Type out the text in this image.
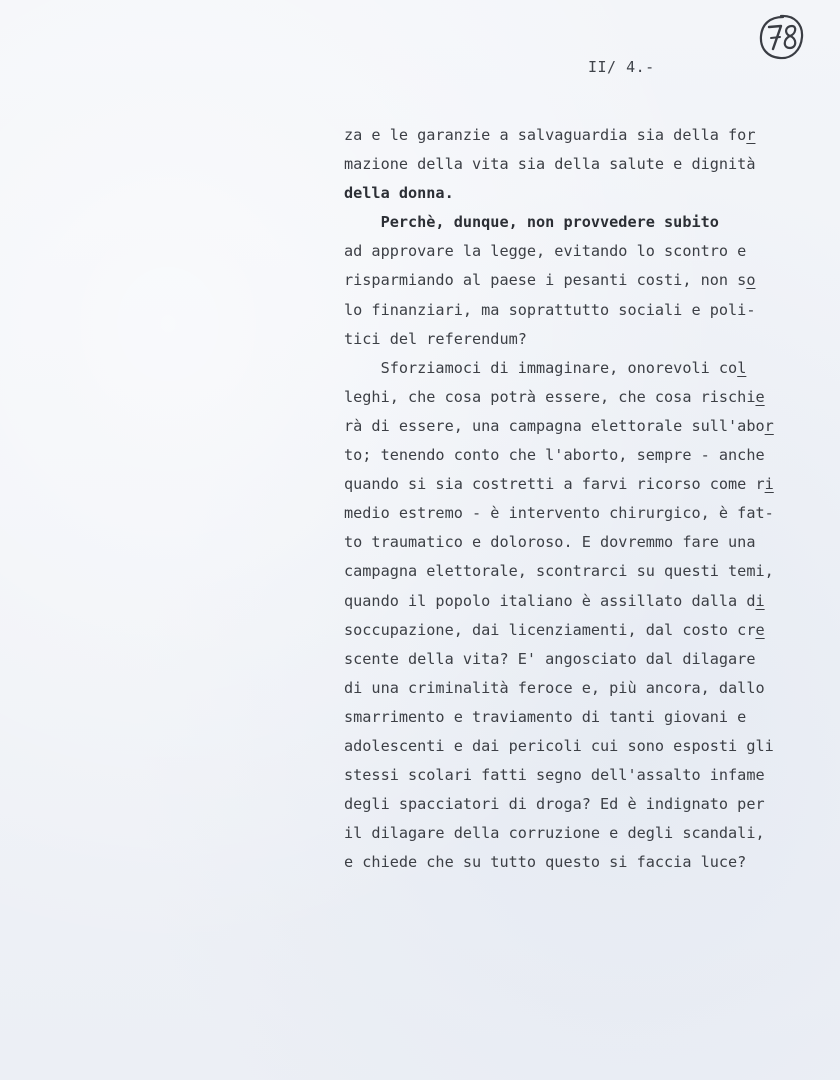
II/ 4.-
za e le garanzie a salvaguardia sia della for
mazione della vita sia della salute e dignità
della donna.
Perchè, dunque, non provvedere subito
ad approvare la legge, evitando lo scontro e
risparmiando al paese i pesanti costi, non so
lo finanziari, ma soprattutto sociali e poli-
tici del referendum?
Sforziamoci di immaginare, onorevoli col
leghi, che cosa potrà essere, che cosa rischie
rà di essere, una campagna elettorale sull'abor
to; tenendo conto che l'aborto, sempre - anche
quando si sia costretti a farvi ricorso come ri
medio estremo - è intervento chirurgico, è fat-
to traumatico e doloroso. E dovremmo fare una
campagna elettorale, scontrarci su questi temi,
quando il popolo italiano è assillato dalla di
soccupazione, dai licenziamenti, dal costo cre
scente della vita? E' angosciato dal dilagare
di una criminalità feroce e, più ancora, dallo
smarrimento e traviamento di tanti giovani e
adolescenti e dai pericoli cui sono esposti gli
stessi scolari fatti segno dell'assalto infame
degli spacciatori di droga? Ed è indignato per
il dilagare della corruzione e degli scandali,
e chiede che su tutto questo si faccia luce?
